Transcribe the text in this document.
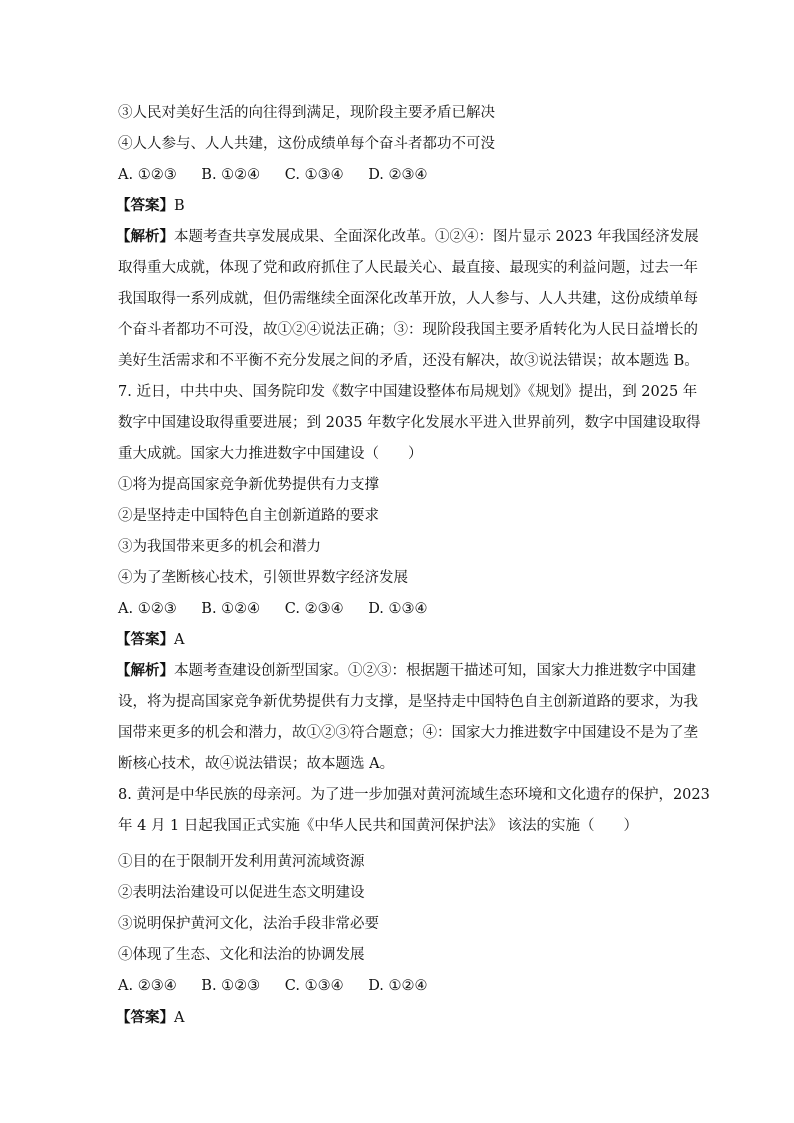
③人民对美好生活的向往得到满足，现阶段主要矛盾已解决
④人人参与、人人共建，这份成绩单每个奋斗者都功不可没
A. ①②③ B. ①②④ C. ①③④ D. ②③④
【答案】B
【解析】本题考查共享发展成果、全面深化改革。①②④：图片显示 2023 年我国经济发展
取得重大成就，体现了党和政府抓住了人民最关心、最直接、最现实的利益问题，过去一年
我国取得一系列成就，但仍需继续全面深化改革开放，人人参与、人人共建，这份成绩单每
个奋斗者都功不可没，故①②④说法正确；③：现阶段我国主要矛盾转化为人民日益增长的
美好生活需求和不平衡不充分发展之间的矛盾，还没有解决，故③说法错误；故本题选 B。
7. 近日，中共中央、国务院印发《数字中国建设整体布局规划》《规划》提出，到 2025 年
数字中国建设取得重要进展；到 2035 年数字化发展水平进入世界前列，数字中国建设取得
重大成就。国家大力推进数字中国建设（　　）
①将为提高国家竞争新优势提供有力支撑
②是坚持走中国特色自主创新道路的要求
③为我国带来更多的机会和潜力
④为了垄断核心技术，引领世界数字经济发展
A. ①②③ B. ①②④ C. ②③④ D. ①③④
【答案】A
【解析】本题考查建设创新型国家。①②③：根据题干描述可知，国家大力推进数字中国建
设，将为提高国家竞争新优势提供有力支撑，是坚持走中国特色自主创新道路的要求，为我
国带来更多的机会和潜力，故①②③符合题意；④：国家大力推进数字中国建设不是为了垄
断核心技术，故④说法错误；故本题选 A。
8. 黄河是中华民族的母亲河。为了进一步加强对黄河流域生态环境和文化遗存的保护，2023
年 4 月 1 日起我国正式实施《中华人民共和国黄河保护法》 该法的实施（　　）
①目的在于限制开发利用黄河流域资源
②表明法治建设可以促进生态文明建设
③说明保护黄河文化，法治手段非常必要
④体现了生态、文化和法治的协调发展
A. ②③④ B. ①②③ C. ①③④ D. ①②④
【答案】A
